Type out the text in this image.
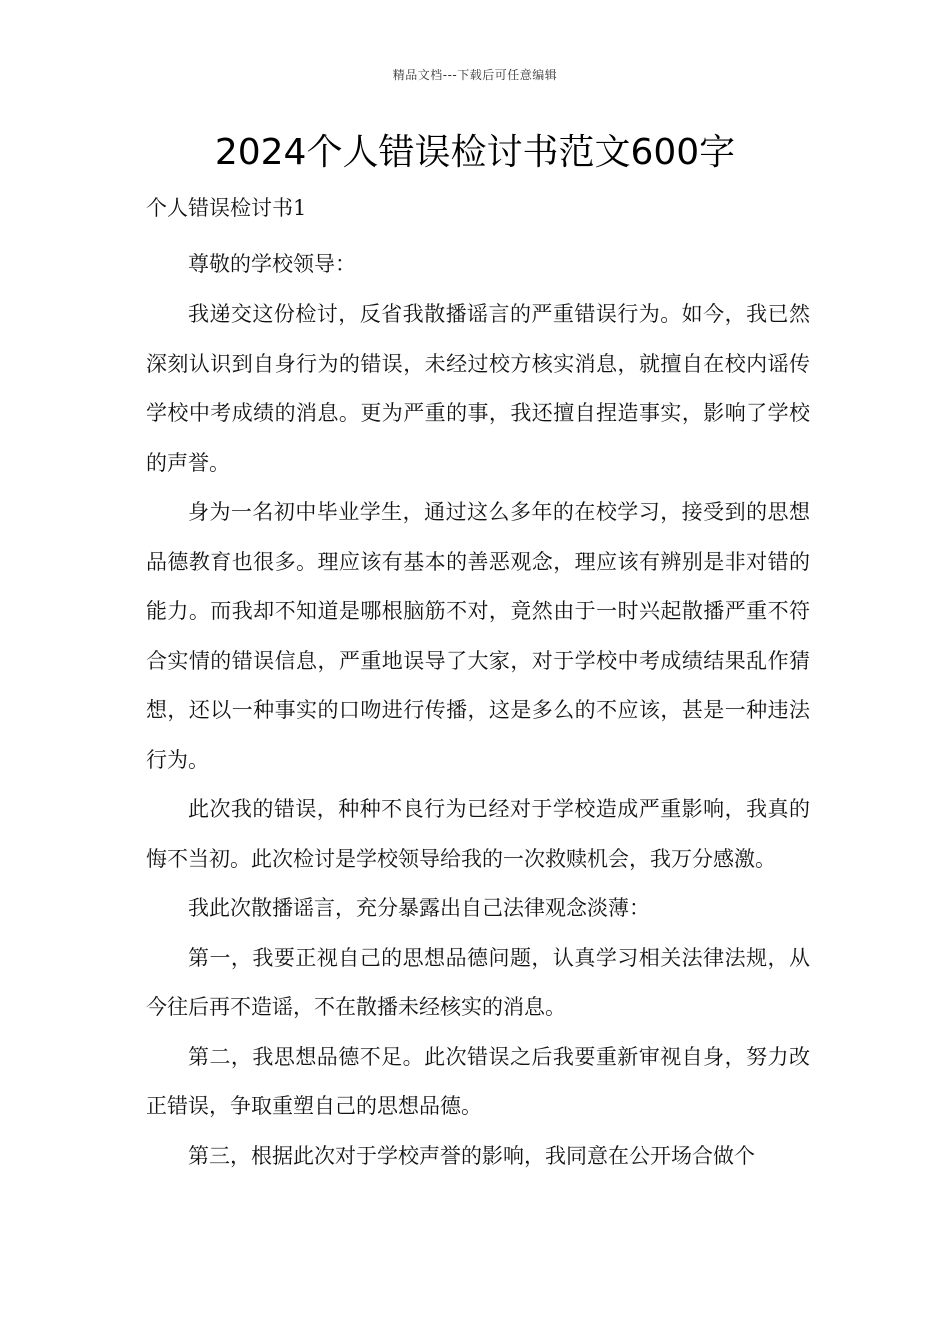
精品文档---下载后可任意编辑
2024个人错误检讨书范文600字

个人错误检讨书1

尊敬的学校领导：

我递交这份检讨，反省我散播谣言的严重错误行为。如今，我已然深刻认识到自身行为的错误，未经过校方核实消息，就擅自在校内谣传学校中考成绩的消息。更为严重的事，我还擅自捏造事实，影响了学校的声誉。

身为一名初中毕业学生，通过这么多年的在校学习，接受到的思想品德教育也很多。理应该有基本的善恶观念，理应该有辨别是非对错的能力。而我却不知道是哪根脑筋不对，竟然由于一时兴起散播严重不符合实情的错误信息，严重地误导了大家，对于学校中考成绩结果乱作猜想，还以一种事实的口吻进行传播，这是多么的不应该，甚是一种违法行为。

此次我的错误，种种不良行为已经对于学校造成严重影响，我真的悔不当初。此次检讨是学校领导给我的一次救赎机会，我万分感激。

我此次散播谣言，充分暴露出自己法律观念淡薄：

第一，我要正视自己的思想品德问题，认真学习相关法律法规，从今往后再不造谣，不在散播未经核实的消息。

第二，我思想品德不足。此次错误之后我要重新审视自身，努力改正错误，争取重塑自己的思想品德。

第三，根据此次对于学校声誉的影响，我同意在公开场合做个
